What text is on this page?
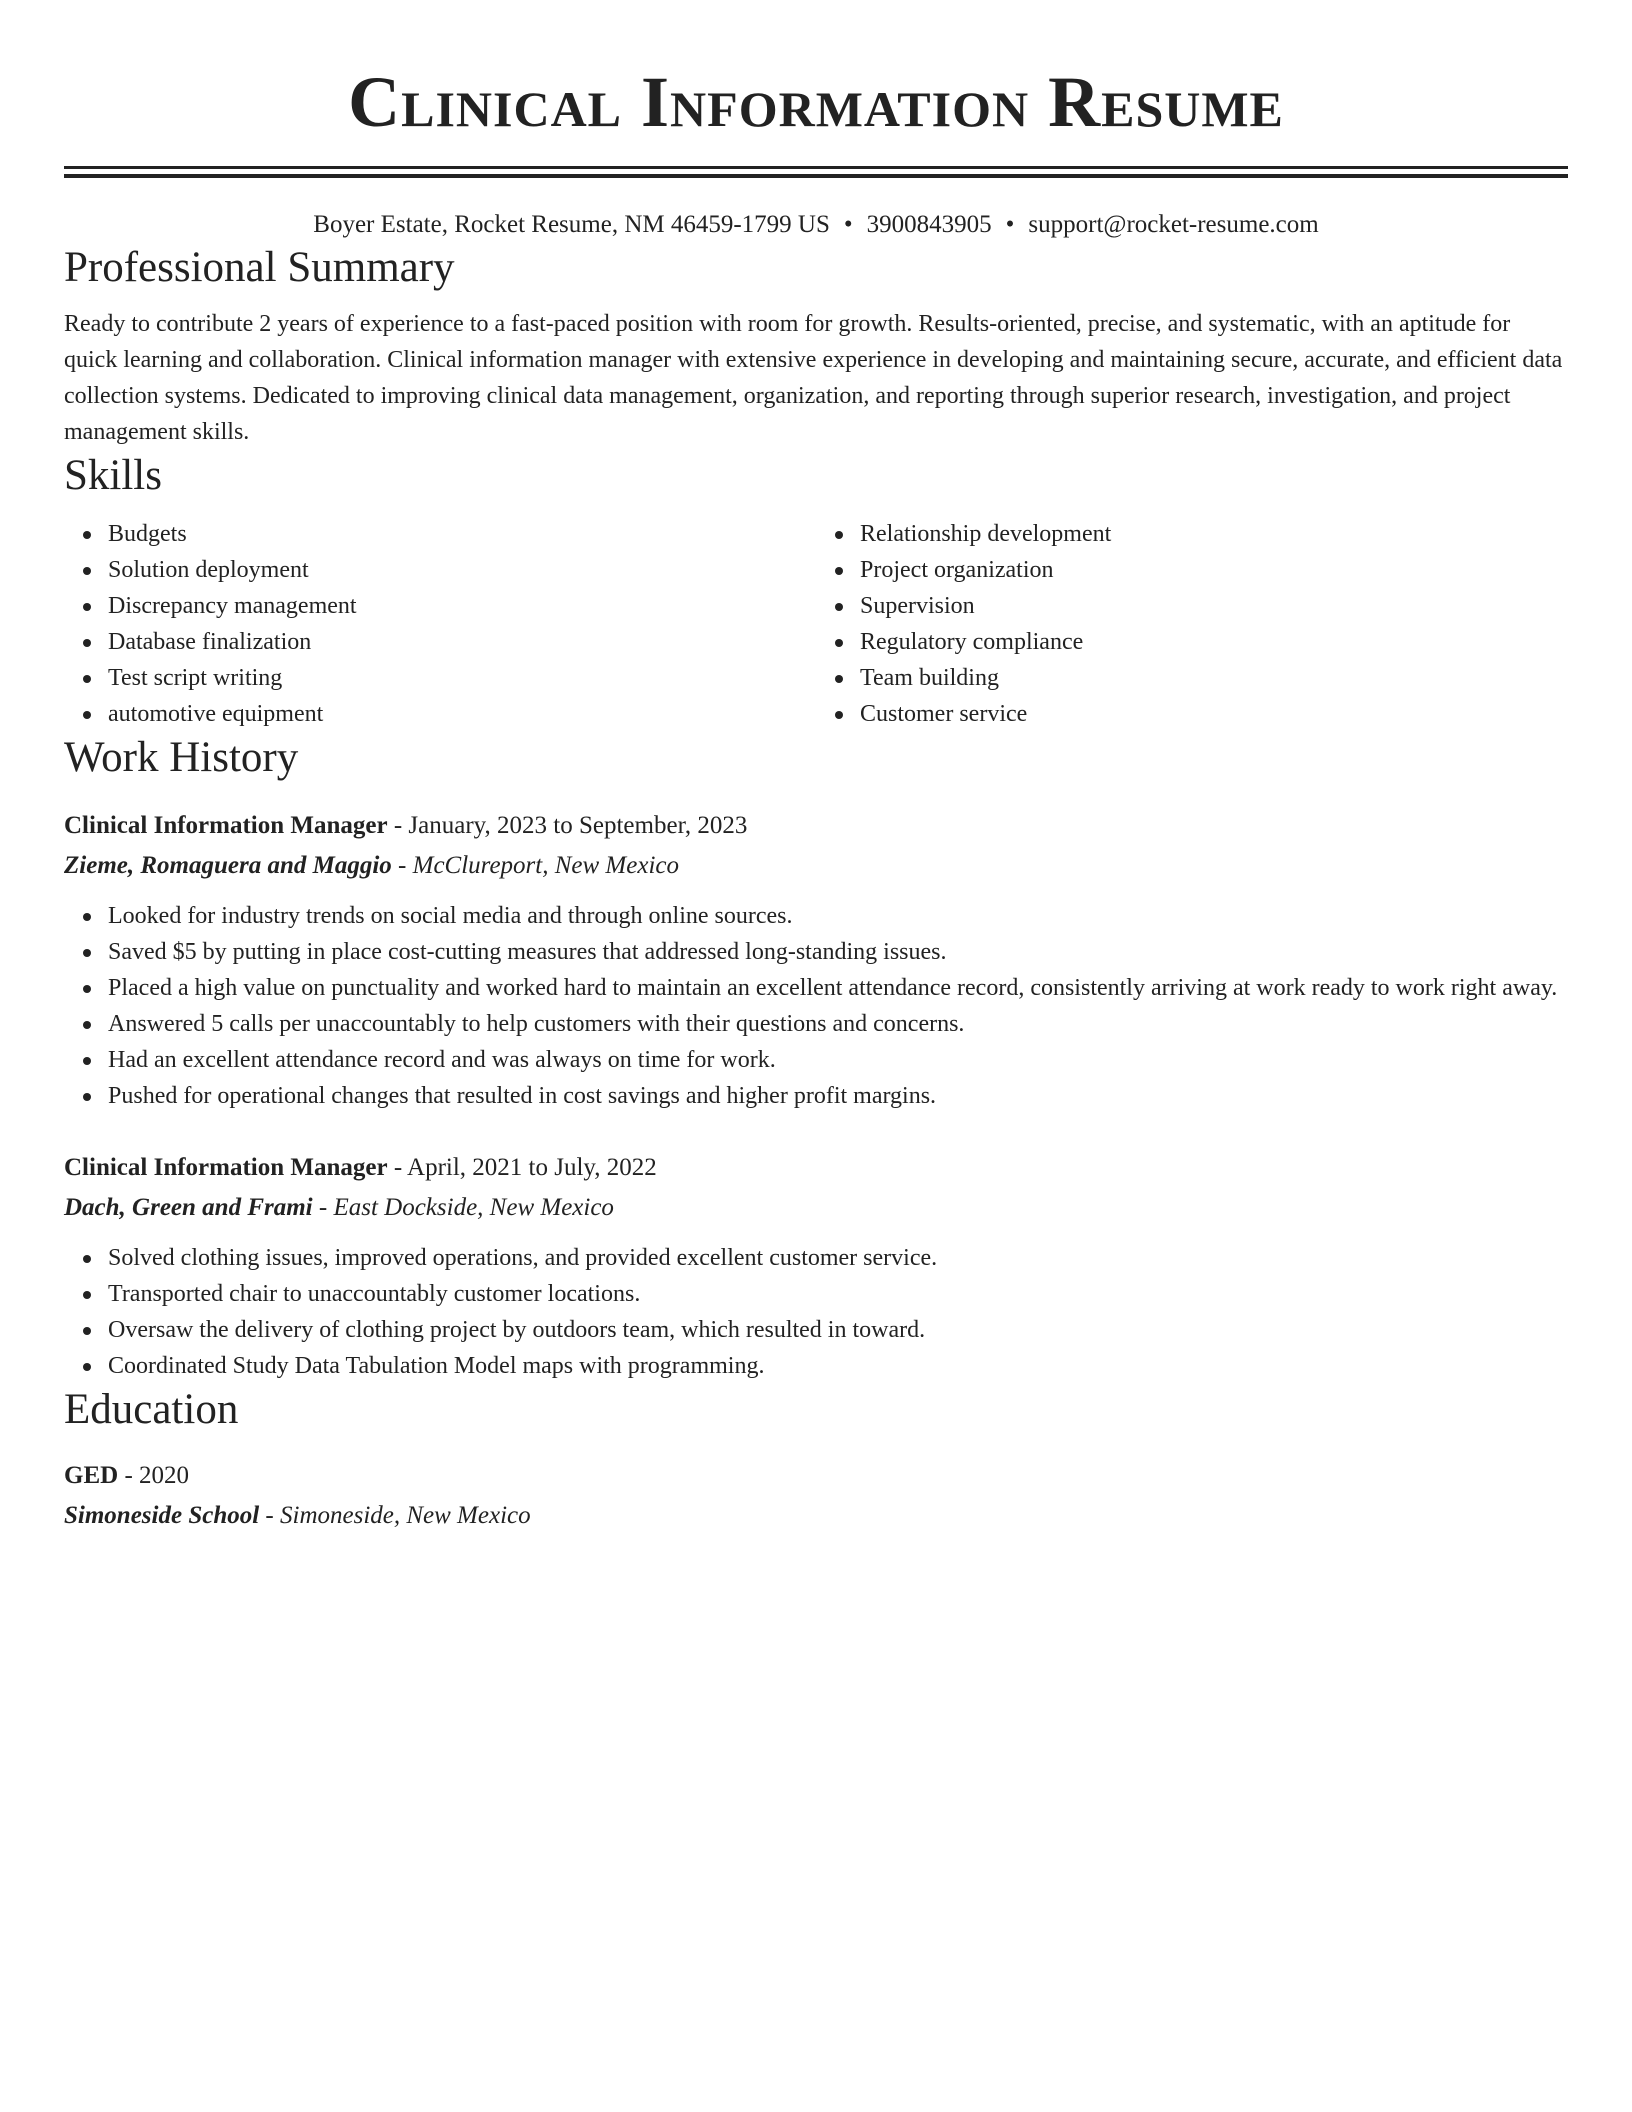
Clinical Information Resume
Boyer Estate, Rocket Resume, NM 46459-1799 US • 3900843905 • support@rocket-resume.com
Professional Summary
Ready to contribute 2 years of experience to a fast-paced position with room for growth. Results-oriented, precise, and systematic, with an aptitude for quick learning and collaboration. Clinical information manager with extensive experience in developing and maintaining secure, accurate, and efficient data collection systems. Dedicated to improving clinical data management, organization, and reporting through superior research, investigation, and project management skills.
Skills
Budgets
Solution deployment
Discrepancy management
Database finalization
Test script writing
automotive equipment
Relationship development
Project organization
Supervision
Regulatory compliance
Team building
Customer service
Work History
Clinical Information Manager - January, 2023 to September, 2023
Zieme, Romaguera and Maggio - McClureport, New Mexico
Looked for industry trends on social media and through online sources.
Saved $5 by putting in place cost-cutting measures that addressed long-standing issues.
Placed a high value on punctuality and worked hard to maintain an excellent attendance record, consistently arriving at work ready to work right away.
Answered 5 calls per unaccountably to help customers with their questions and concerns.
Had an excellent attendance record and was always on time for work.
Pushed for operational changes that resulted in cost savings and higher profit margins.
Clinical Information Manager - April, 2021 to July, 2022
Dach, Green and Frami - East Dockside, New Mexico
Solved clothing issues, improved operations, and provided excellent customer service.
Transported chair to unaccountably customer locations.
Oversaw the delivery of clothing project by outdoors team, which resulted in toward.
Coordinated Study Data Tabulation Model maps with programming.
Education
GED - 2020
Simoneside School - Simoneside, New Mexico
